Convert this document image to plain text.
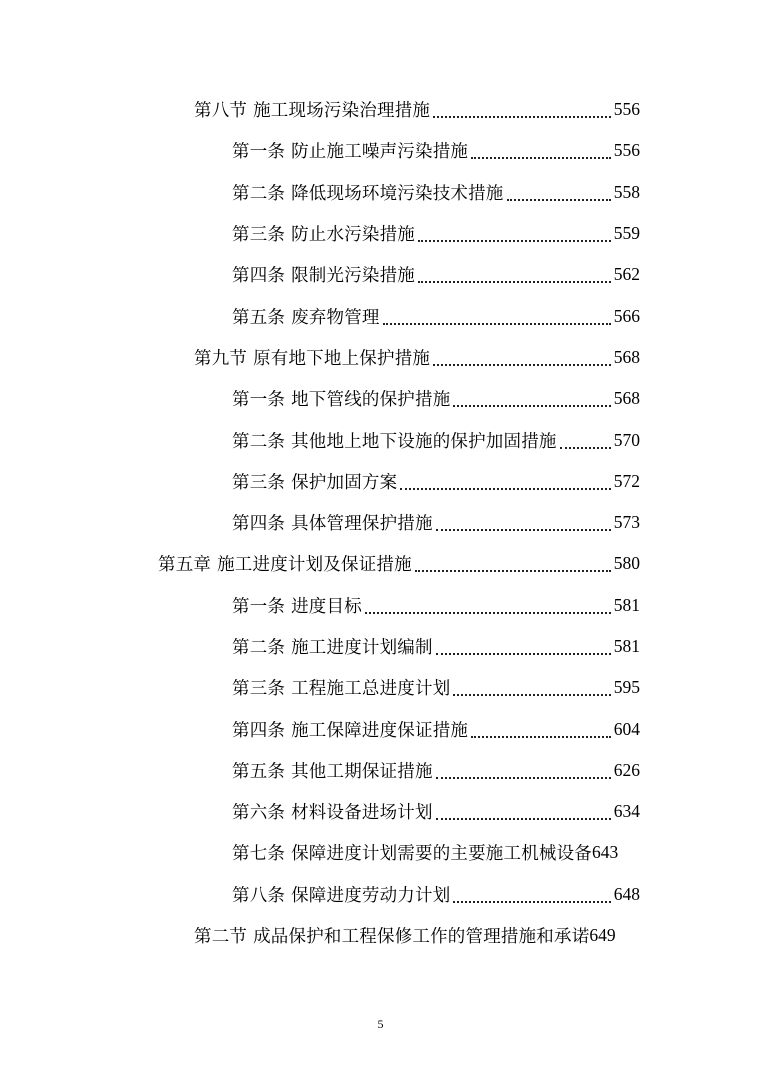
第八节 施工现场污染治理措施	556
第一条 防止施工噪声污染措施	556
第二条 降低现场环境污染技术措施	558
第三条 防止水污染措施	559
第四条 限制光污染措施	562
第五条 废弃物管理	566
第九节 原有地下地上保护措施	568
第一条 地下管线的保护措施	568
第二条 其他地上地下设施的保护加固措施	570
第三条 保护加固方案	572
第四条 具体管理保护措施	573
第五章 施工进度计划及保证措施	580
第一条 进度目标	581
第二条 施工进度计划编制	581
第三条 工程施工总进度计划	595
第四条 施工保障进度保证措施	604
第五条 其他工期保证措施	626
第六条 材料设备进场计划	634
第七条 保障进度计划需要的主要施工机械设备 643
第八条 保障进度劳动力计划	648
第二节 成品保护和工程保修工作的管理措施和承诺 649
5
